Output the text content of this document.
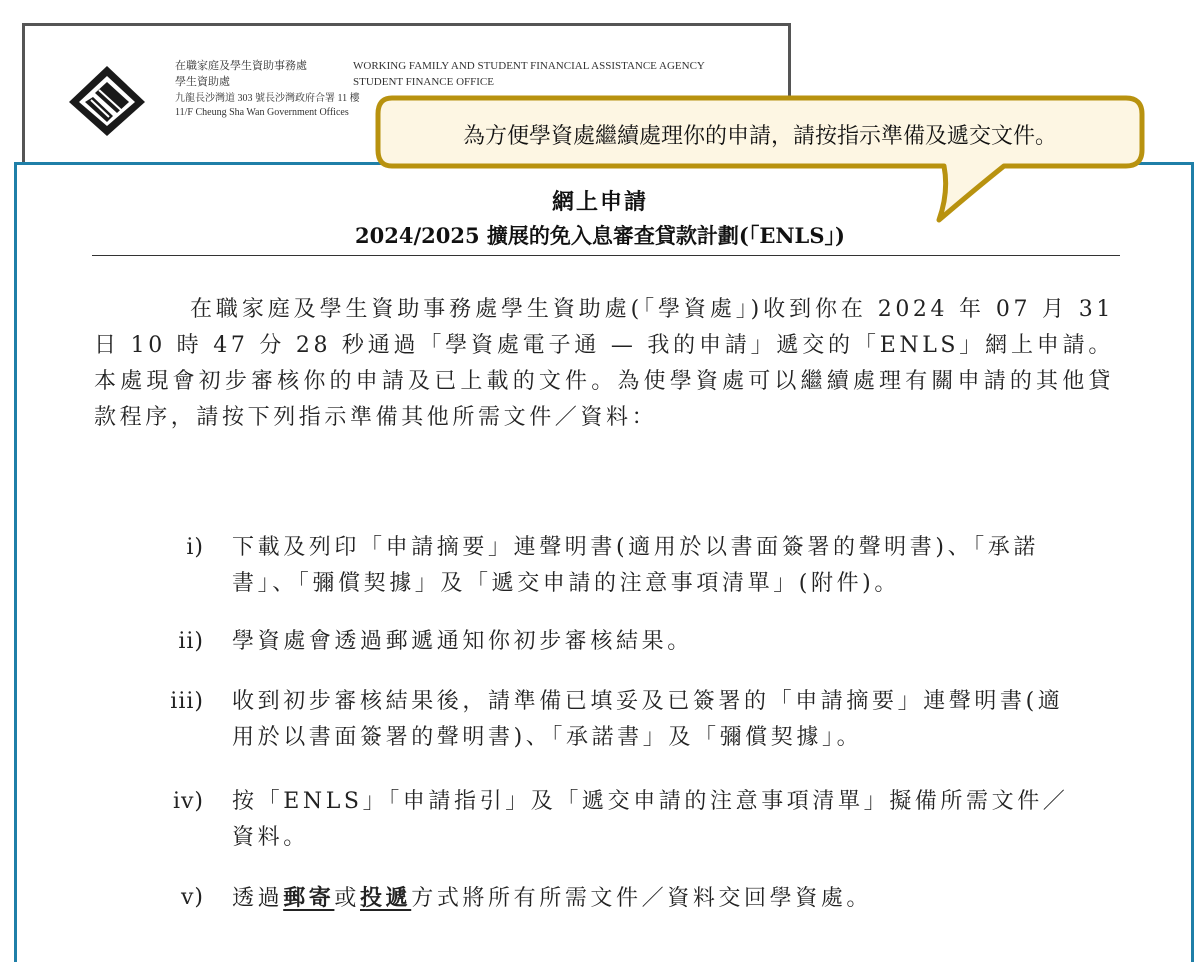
在職家庭及學生資助事務處
學生資助處
WORKING FAMILY AND STUDENT FINANCIAL ASSISTANCE AGENCY
STUDENT FINANCE OFFICE
九龍長沙灣道 303 號長沙灣政府合署 11 樓
11/F Cheung Sha Wan Government Offices
為方便學資處繼續處理你的申請，請按指示準備及遞交文件。
網上申請
2024/2025 擴展的免入息審查貸款計劃(「ENLS」)
在職家庭及學生資助事務處學生資助處(「學資處」)收到你在 2024 年 07 月 31 日 10 時 47 分 28 秒通過「學資處電子通 — 我的申請」遞交的「ENLS」網上申請。本處現會初步審核你的申請及已上載的文件。為使學資處可以繼續處理有關申請的其他貸款程序，請按下列指示準備其他所需文件／資料：
i) 下載及列印「申請摘要」連聲明書(適用於以書面簽署的聲明書)、「承諾書」、「彌償契據」及「遞交申請的注意事項清單」(附件)。
ii) 學資處會透過郵遞通知你初步審核結果。
iii) 收到初步審核結果後，請準備已填妥及已簽署的「申請摘要」連聲明書(適用於以書面簽署的聲明書)、「承諾書」及「彌償契據」。
iv) 按「ENLS」「申請指引」及「遞交申請的注意事項清單」擬備所需文件／資料。
v) 透過郵寄或投遞方式將所有所需文件／資料交回學資處。
